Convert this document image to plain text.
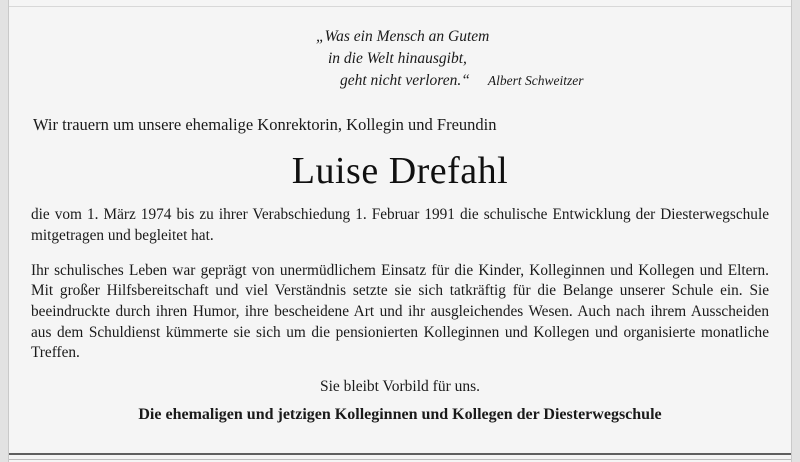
„Was ein Mensch an Gutem
in die Welt hinausgibt,
geht nicht verloren.“ Albert Schweitzer
Wir trauern um unsere ehemalige Konrektorin, Kollegin und Freundin
Luise Drefahl

die vom 1. März 1974 bis zu ihrer Verabschiedung 1. Februar 1991 die schulische Entwicklung der Diesterwegschule mitgetragen und begleitet hat.

Ihr schulisches Leben war geprägt von unermüdlichem Einsatz für die Kinder, Kolleginnen und Kollegen und Eltern. Mit großer Hilfsbereitschaft und viel Verständnis setzte sie sich tatkräftig für die Belange unserer Schule ein. Sie beeindruckte durch ihren Humor, ihre bescheidene Art und ihr ausgleichendes Wesen. Auch nach ihrem Ausscheiden aus dem Schuldienst kümmerte sie sich um die pensionierten Kolleginnen und Kollegen und organisierte monatliche Treffen.

Sie bleibt Vorbild für uns.
Die ehemaligen und jetzigen Kolleginnen und Kollegen der Diesterwegschule
